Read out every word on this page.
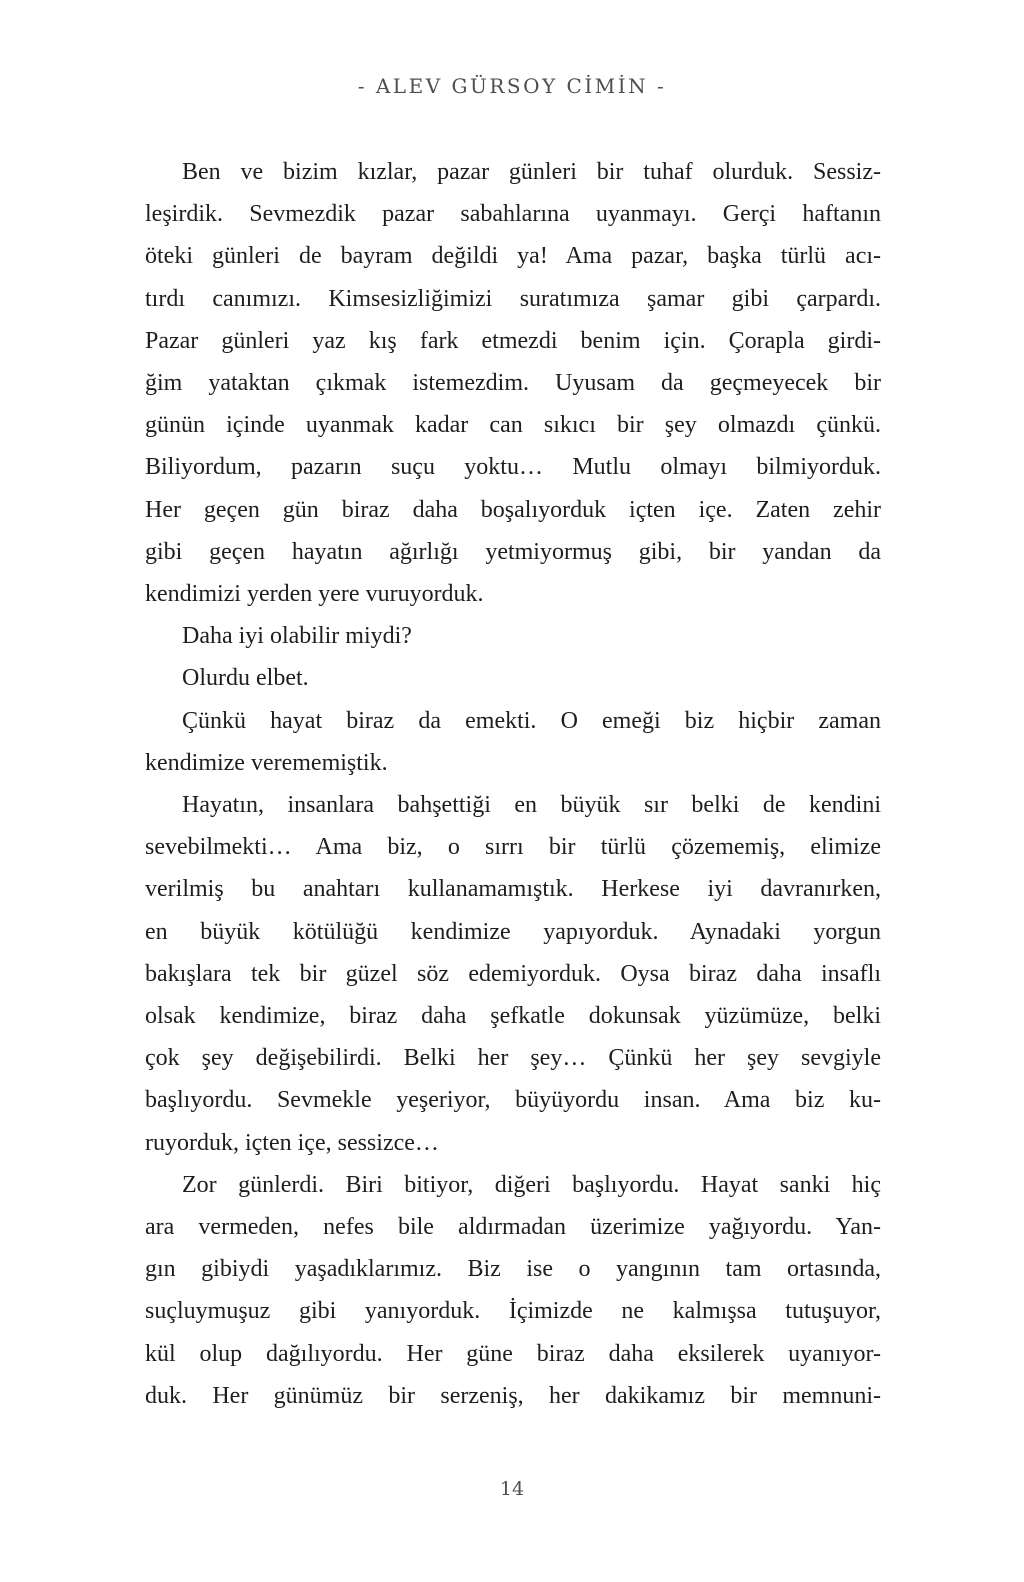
- ALEV GÜRSOY CİMİN -
Ben ve bizim kızlar, pazar günleri bir tuhaf olurduk. Sessiz-
leşirdik. Sevmezdik pazar sabahlarına uyanmayı. Gerçi haftanın
öteki günleri de bayram değildi ya! Ama pazar, başka türlü acı-
tırdı canımızı. Kimsesizliğimizi suratımıza şamar gibi çarpardı.
Pazar günleri yaz kış fark etmezdi benim için. Çorapla girdi-
ğim yataktan çıkmak istemezdim. Uyusam da geçmeyecek bir
günün içinde uyanmak kadar can sıkıcı bir şey olmazdı çünkü.
Biliyordum, pazarın suçu yoktu… Mutlu olmayı bilmiyorduk.
Her geçen gün biraz daha boşalıyorduk içten içe. Zaten zehir
gibi geçen hayatın ağırlığı yetmiyormuş gibi, bir yandan da
kendimizi yerden yere vuruyorduk.
Daha iyi olabilir miydi?
Olurdu elbet.
Çünkü hayat biraz da emekti. O emeği biz hiçbir zaman
kendimize verememiştik.
Hayatın, insanlara bahşettiği en büyük sır belki de kendini
sevebilmekti… Ama biz, o sırrı bir türlü çözememiş, elimize
verilmiş bu anahtarı kullanamamıştık. Herkese iyi davranırken,
en büyük kötülüğü kendimize yapıyorduk. Aynadaki yorgun
bakışlara tek bir güzel söz edemiyorduk. Oysa biraz daha insaflı
olsak kendimize, biraz daha şefkatle dokunsak yüzümüze, belki
çok şey değişebilirdi. Belki her şey… Çünkü her şey sevgiyle
başlıyordu. Sevmekle yeşeriyor, büyüyordu insan. Ama biz ku-
ruyorduk, içten içe, sessizce…
Zor günlerdi. Biri bitiyor, diğeri başlıyordu. Hayat sanki hiç
ara vermeden, nefes bile aldırmadan üzerimize yağıyordu. Yan-
gın gibiydi yaşadıklarımız. Biz ise o yangının tam ortasında,
suçluymuşuz gibi yanıyorduk. İçimizde ne kalmışsa tutuşuyor,
kül olup dağılıyordu. Her güne biraz daha eksilerek uyanıyor-
duk. Her günümüz bir serzeniş, her dakikamız bir memnuni-
14
